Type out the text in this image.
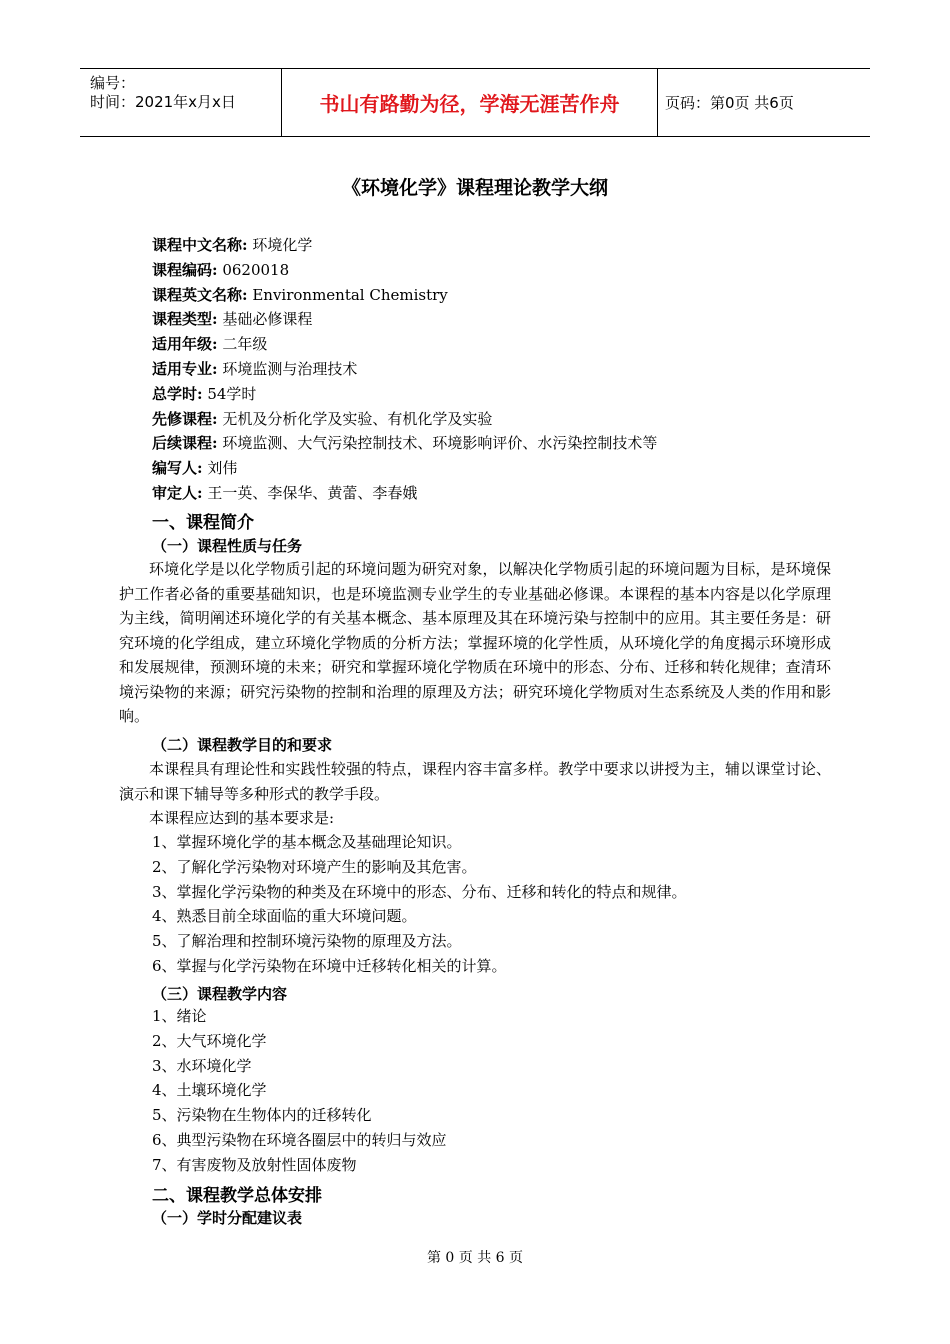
编号：
时间：2021年x月x日	书山有路勤为径，学海无涯苦作舟	页码：第0页 共6页
《环境化学》课程理论教学大纲
课程中文名称: 环境化学
课程编码: 0620018
课程英文名称: Environmental Chemistry
课程类型: 基础必修课程
适用年级: 二年级
适用专业: 环境监测与治理技术
总学时: 54学时
先修课程: 无机及分析化学及实验、有机化学及实验
后续课程: 环境监测、大气污染控制技术、环境影响评价、水污染控制技术等
编写人: 刘伟
审定人: 王一英、李保华、黄蕾、李春娥
一、课程简介
（一）课程性质与任务

环境化学是以化学物质引起的环境问题为研究对象，以解决化学物质引起的环境问题为目标，是环境保护工作者必备的重要基础知识，也是环境监测专业学生的专业基础必修课。本课程的基本内容是以化学原理为主线，简明阐述环境化学的有关基本概念、基本原理及其在环境污染与控制中的应用。其主要任务是：研究环境的化学组成，建立环境化学物质的分析方法；掌握环境的化学性质，从环境化学的角度揭示环境形成和发展规律，预测环境的未来；研究和掌握环境化学物质在环境中的形态、分布、迁移和转化规律；查清环境污染物的来源；研究污染物的控制和治理的原理及方法；研究环境化学物质对生态系统及人类的作用和影响。

（二）课程教学目的和要求

本课程具有理论性和实践性较强的特点，课程内容丰富多样。教学中要求以讲授为主，辅以课堂讨论、演示和课下辅导等多种形式的教学手段。

本课程应达到的基本要求是:

1、掌握环境化学的基本概念及基础理论知识。
2、了解化学污染物对环境产生的影响及其危害。
3、掌握化学污染物的种类及在环境中的形态、分布、迁移和转化的特点和规律。
4、熟悉目前全球面临的重大环境问题。
5、了解治理和控制环境污染物的原理及方法。
6、掌握与化学污染物在环境中迁移转化相关的计算。
（三）课程教学内容
1、绪论
2、大气环境化学
3、水环境化学
4、土壤环境化学
5、污染物在生物体内的迁移转化
6、典型污染物在环境各圈层中的转归与效应
7、有害废物及放射性固体废物
二、课程教学总体安排
（一）学时分配建议表
第 0 页 共 6 页
